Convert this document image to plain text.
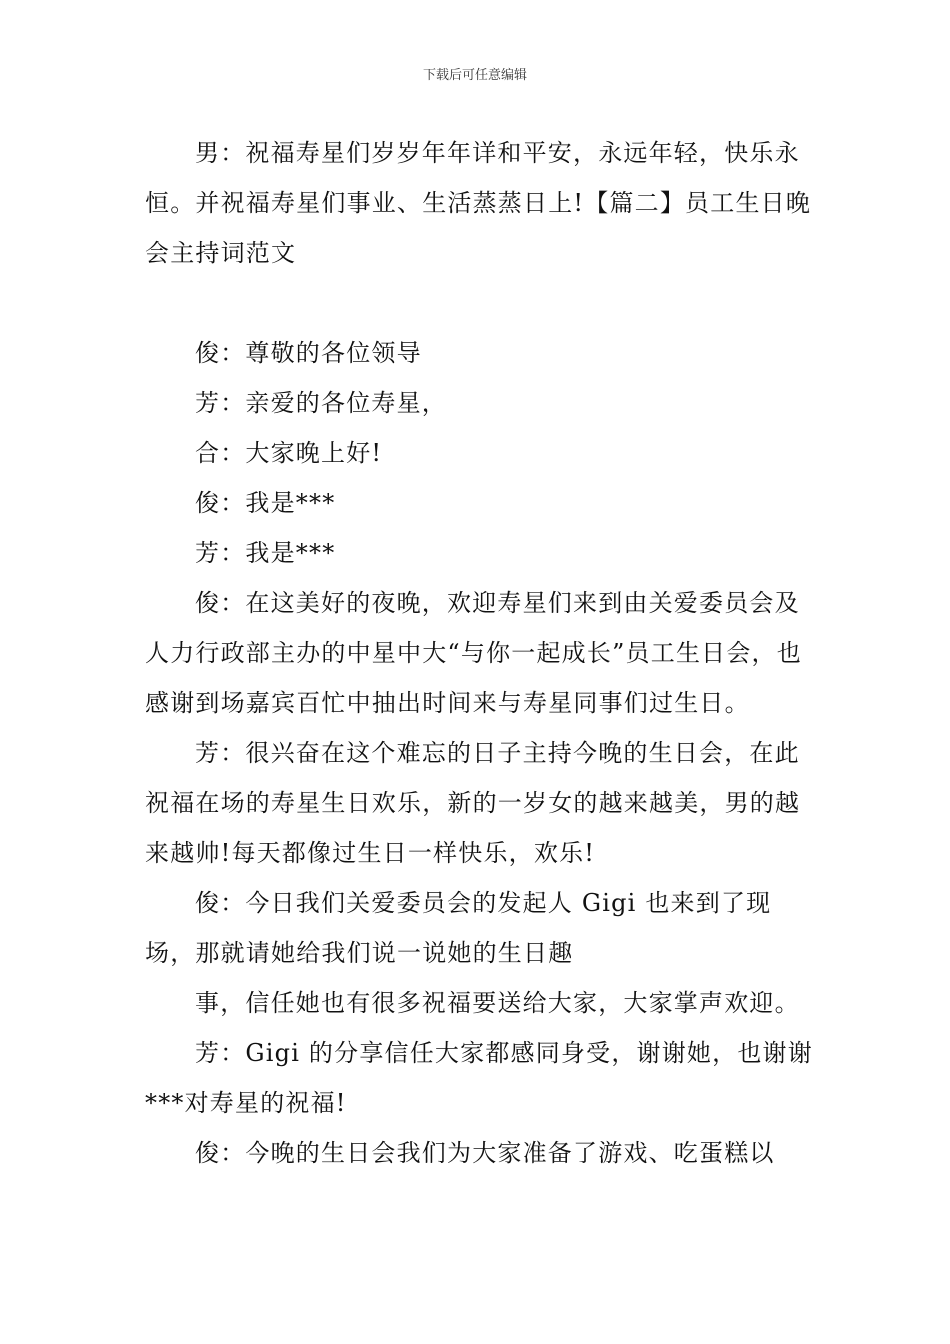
下载后可任意编辑

男：祝福寿星们岁岁年年详和平安，永远年轻，快乐永恒。并祝福寿星们事业、生活蒸蒸日上!【篇二】员工生日晚会主持词范文

俊：尊敬的各位领导

芳：亲爱的各位寿星，

合：大家晚上好!

俊：我是***

芳：我是***

俊：在这美好的夜晚，欢迎寿星们来到由关爱委员会及人力行政部主办的中星中大“与你一起成长”员工生日会，也感谢到场嘉宾百忙中抽出时间来与寿星同事们过生日。

芳：很兴奋在这个难忘的日子主持今晚的生日会，在此祝福在场的寿星生日欢乐，新的一岁女的越来越美，男的越来越帅!每天都像过生日一样快乐，欢乐!

俊：今日我们关爱委员会的发起人 Gigi 也来到了现场，那就请她给我们说一说她的生日趣

事，信任她也有很多祝福要送给大家，大家掌声欢迎。

芳：Gigi 的分享信任大家都感同身受，谢谢她，也谢谢***对寿星的祝福!

俊：今晚的生日会我们为大家准备了游戏、吃蛋糕以
